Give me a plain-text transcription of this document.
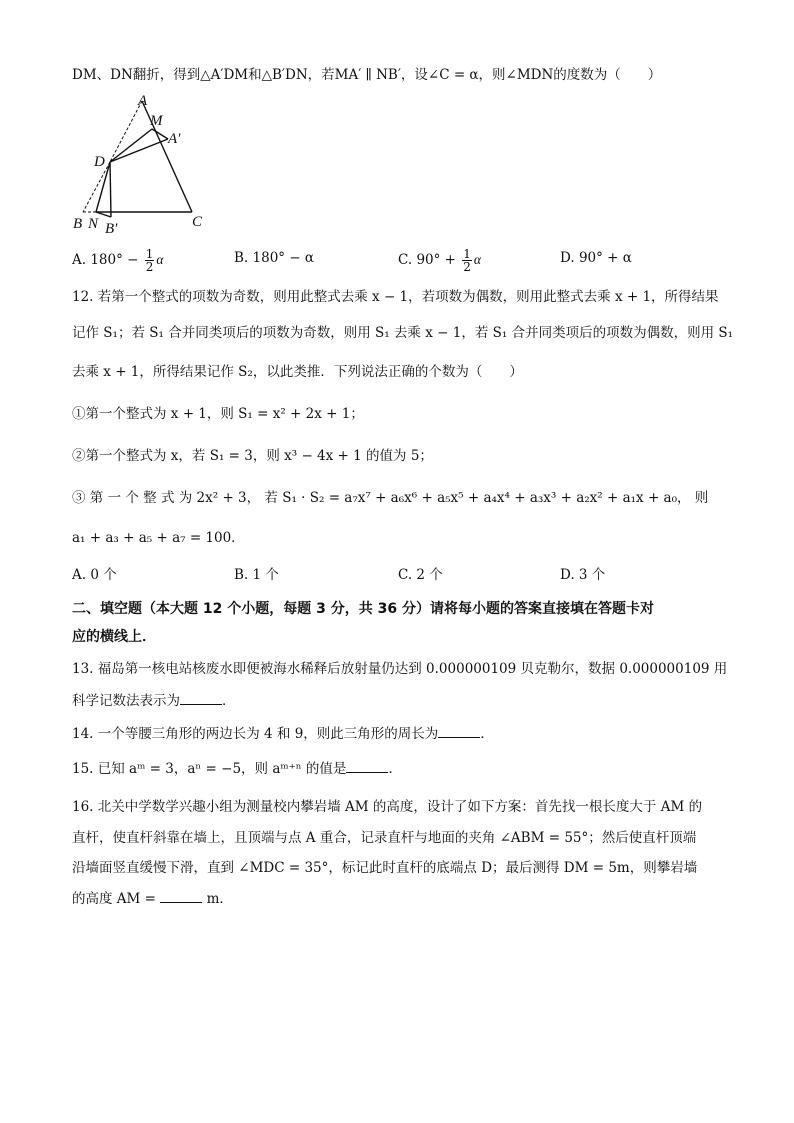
DM、DN翻折，得到△A′DM和△B′DN，若MA′ ∥ NB′，设∠C = α，则∠MDN的度数为（　　）
A
M
A′
D
B N B′	C
A. $180^\circ - \frac{1}{2}$ α	B. 180° − α	C. $90^\circ + \frac{1}{2}$ α	D. 90° + α
12. 若第一个整式的项数为奇数，则用此整式去乘 x − 1，若项数为偶数，则用此整式去乘 x + 1，所得结果
记作 S₁；若 S₁ 合并同类项后的项数为奇数，则用 S₁ 去乘 x − 1，若 S₁ 合并同类项后的项数为偶数，则用 S₁
去乘 x + 1，所得结果记作 S₂，以此类推．下列说法正确的个数为（　　）
①第一个整式为 x + 1，则 S₁ = x² + 2x + 1；
②第一个整式为 x，若 S₁ = 3，则 x³ − 4x + 1 的值为 5；
③ 第 一 个 整 式 为 2x² + 3， 若 S₁ · S₂ = a₇x⁷ + a₆x⁶ + a₅x⁵ + a₄x⁴ + a₃x³ + a₂x² + a₁x + a₀， 则
a₁ + a₃ + a₅ + a₇ = 100．
A. 0 个	B. 1 个	C. 2 个	D. 3 个
二、填空题（本大题 12 个小题，每题 3 分，共 36 分）请将每小题的答案直接填在答题卡对
应的横线上．
13. 福岛第一核电站核废水即便被海水稀释后放射量仍达到 0.000000109 贝克勒尔，数据 0.000000109 用
科学记数法表示为	．
14. 一个等腰三角形的两边长为 4 和 9，则此三角形的周长为	．
15. 已知 aᵐ = 3，aⁿ = −5，则 aᵐ⁺ⁿ 的值是	．
16. 北关中学数学兴趣小组为测量校内攀岩墙 AM 的高度，设计了如下方案：首先找一根长度大于 AM 的
直杆，使直杆斜靠在墙上，且顶端与点 A 重合，记录直杆与地面的夹角 ∠ABM = 55°；然后使直杆顶端
沿墙面竖直缓慢下滑，直到 ∠MDC = 35°，标记此时直杆的底端点 D；最后测得 DM = 5m，则攀岩墙
的高度 AM =	m．
